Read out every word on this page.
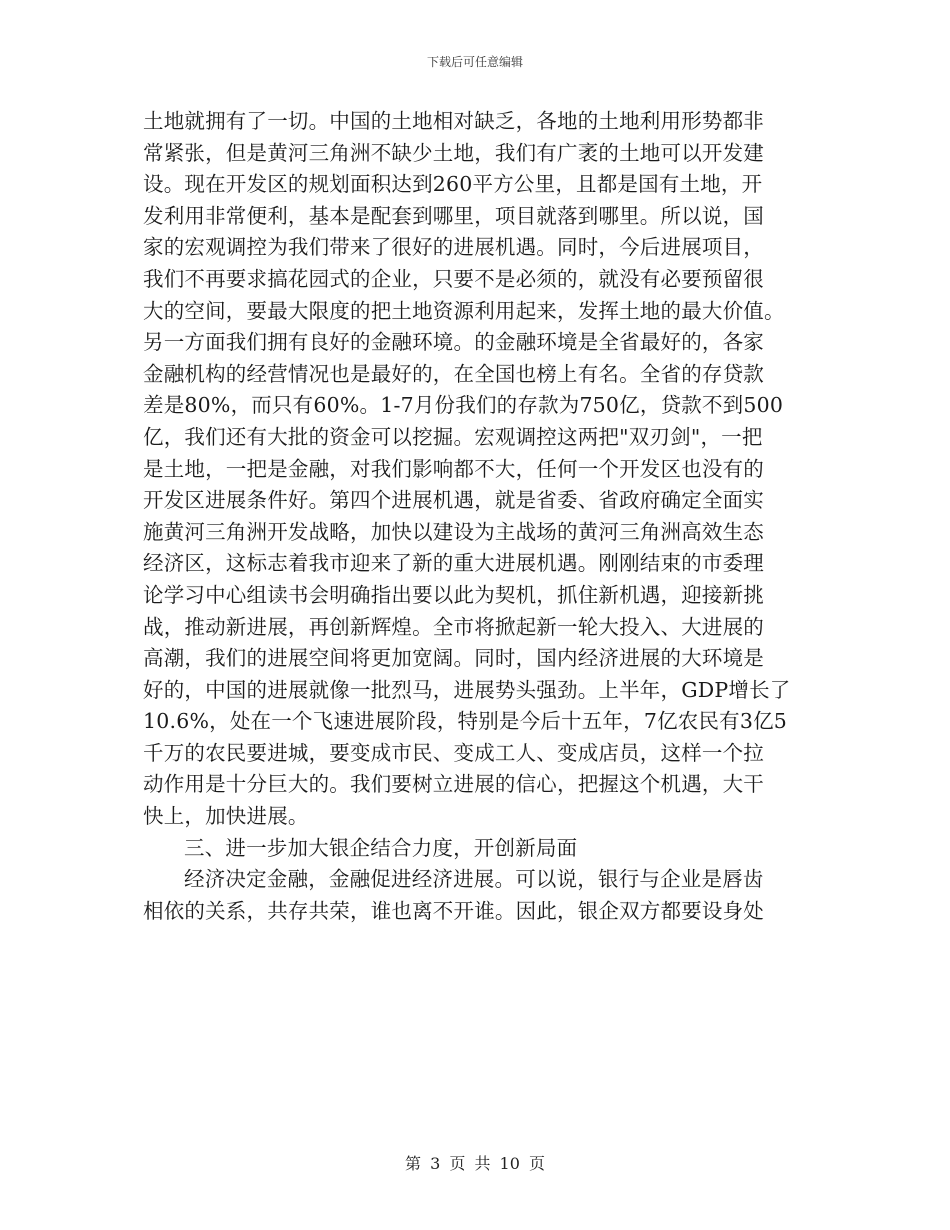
下载后可任意编辑
土地就拥有了一切。中国的土地相对缺乏，各地的土地利用形势都非
常紧张，但是黄河三角洲不缺少土地，我们有广袤的土地可以开发建
设。现在开发区的规划面积达到260平方公里，且都是国有土地，开
发利用非常便利，基本是配套到哪里，项目就落到哪里。所以说，国
家的宏观调控为我们带来了很好的进展机遇。同时，今后进展项目，
我们不再要求搞花园式的企业，只要不是必须的，就没有必要预留很
大的空间，要最大限度的把土地资源利用起来，发挥土地的最大价值。
另一方面我们拥有良好的金融环境。的金融环境是全省最好的，各家
金融机构的经营情况也是最好的，在全国也榜上有名。全省的存贷款
差是80%，而只有60%。1-7月份我们的存款为750亿，贷款不到500
亿，我们还有大批的资金可以挖掘。宏观调控这两把"双刃剑"，一把
是土地，一把是金融，对我们影响都不大，任何一个开发区也没有的
开发区进展条件好。第四个进展机遇，就是省委、省政府确定全面实
施黄河三角洲开发战略，加快以建设为主战场的黄河三角洲高效生态
经济区，这标志着我市迎来了新的重大进展机遇。刚刚结束的市委理
论学习中心组读书会明确指出要以此为契机，抓住新机遇，迎接新挑
战，推动新进展，再创新辉煌。全市将掀起新一轮大投入、大进展的
高潮，我们的进展空间将更加宽阔。同时，国内经济进展的大环境是
好的，中国的进展就像一批烈马，进展势头强劲。上半年，GDP增长了
10.6%，处在一个飞速进展阶段，特别是今后十五年，7亿农民有3亿5
千万的农民要进城，要变成市民、变成工人、变成店员，这样一个拉
动作用是十分巨大的。我们要树立进展的信心，把握这个机遇，大干
快上，加快进展。
三、进一步加大银企结合力度，开创新局面
经济决定金融，金融促进经济进展。可以说，银行与企业是唇齿
相依的关系，共存共荣，谁也离不开谁。因此，银企双方都要设身处
第 3 页 共 10 页
